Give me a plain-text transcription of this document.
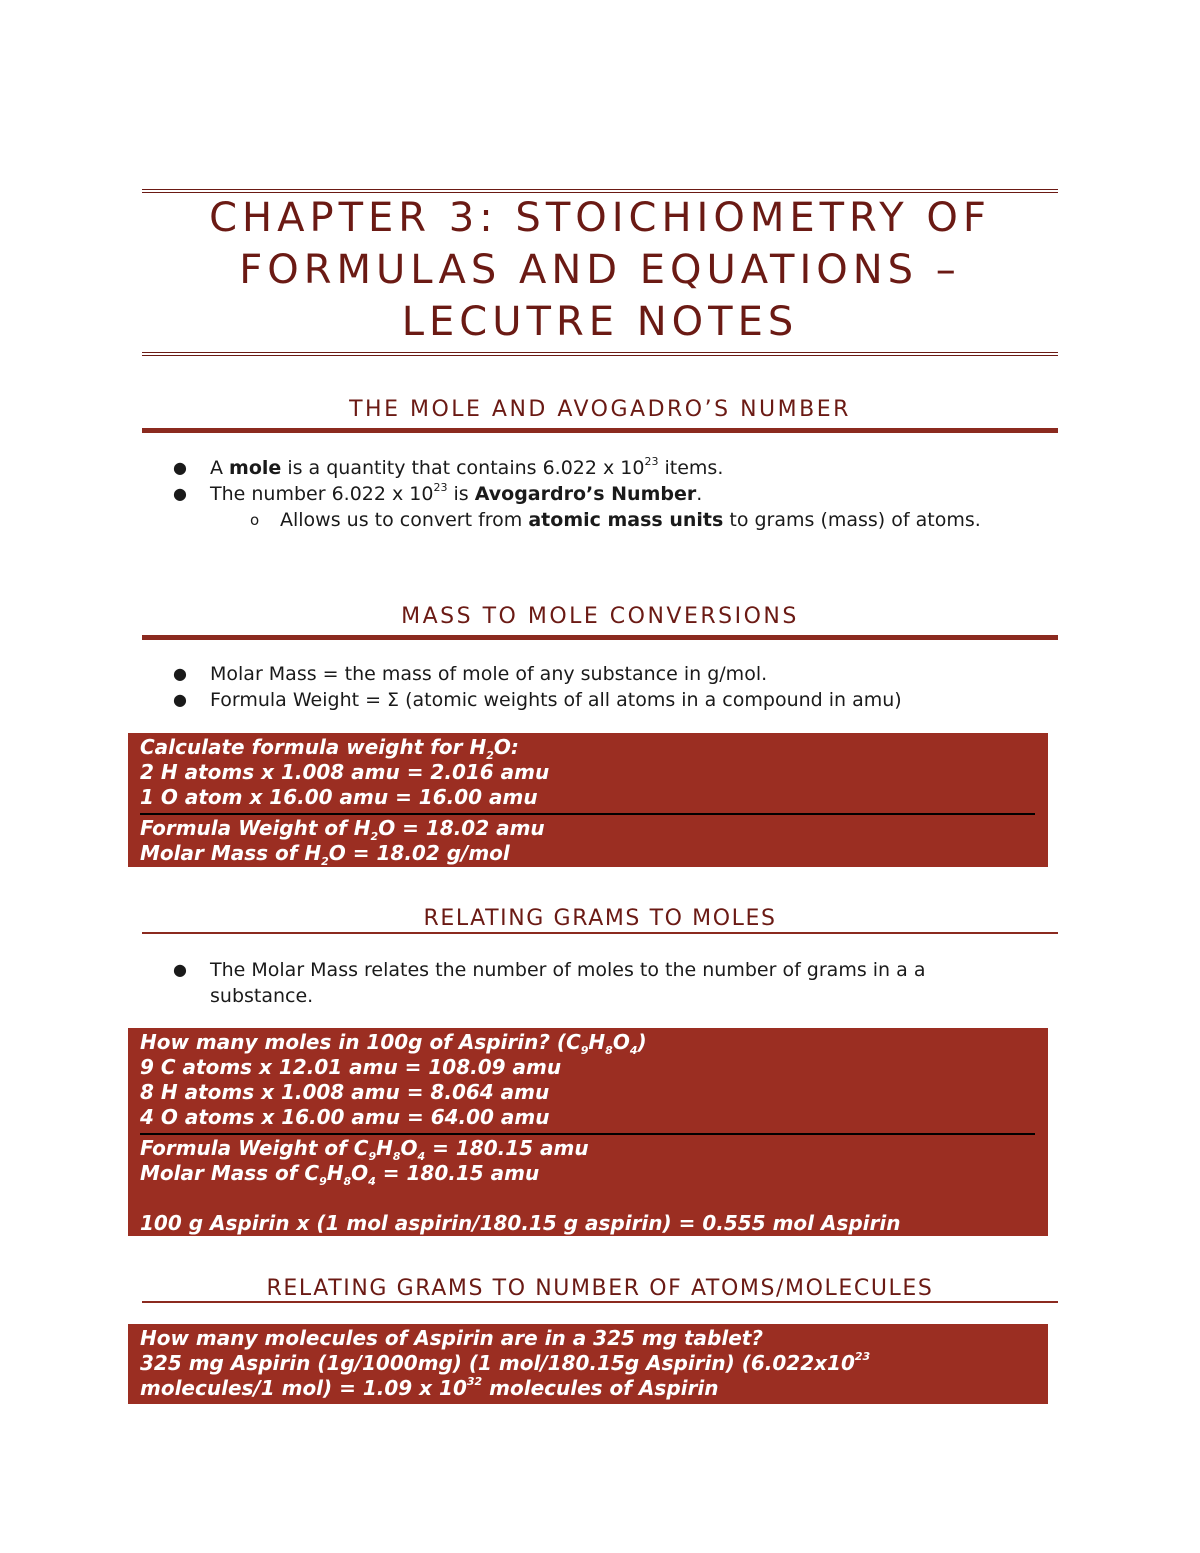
CHAPTER 3: STOICHIOMETRY OF
FORMULAS AND EQUATIONS –
LECUTRE NOTES
THE MOLE AND AVOGADRO’S NUMBER
● A mole is a quantity that contains 6.022 x $10^{23}$ items.
● The number 6.022 x $10^{23}$ is Avogardro’s Number.
o Allows us to convert from atomic mass units to grams (mass) of atoms.
MASS TO MOLE CONVERSIONS
● Molar Mass = the mass of mole of any substance in g/mol.
● Formula Weight = Σ (atomic weights of all atoms in a compound in amu)
Calculate formula weight for $H_2O$:
2 H atoms x 1.008 amu = 2.016 amu
1 O atom x 16.00 amu = 16.00 amu
Formula Weight of $H_2O = 18.02$ amu
Molar Mass of $H_2O = 18.02$ g/mol
RELATING GRAMS TO MOLES
● The Molar Mass relates the number of moles to the number of grams in a a substance.
How many moles in 100g of Aspirin? $(C_9H_8O_4)$
9 C atoms x 12.01 amu = 108.09 amu
8 H atoms x 1.008 amu = 8.064 amu
4 O atoms x 16.00 amu = 64.00 amu
Formula Weight of $C_9H_8O_4 = 180.15$ amu
Molar Mass of $C_9H_8O_4 = 180.15$ amu
100 g Aspirin x (1 mol aspirin/180.15 g aspirin) = 0.555 mol Aspirin
RELATING GRAMS TO NUMBER OF ATOMS/MOLECULES
How many molecules of Aspirin are in a 325 mg tablet?
325 mg Aspirin (1g/1000mg) (1 mol/180.15g Aspirin) ($6.022x10^{23}$
molecules/1 mol) = 1.09 x $10^{32}$ molecules of Aspirin
